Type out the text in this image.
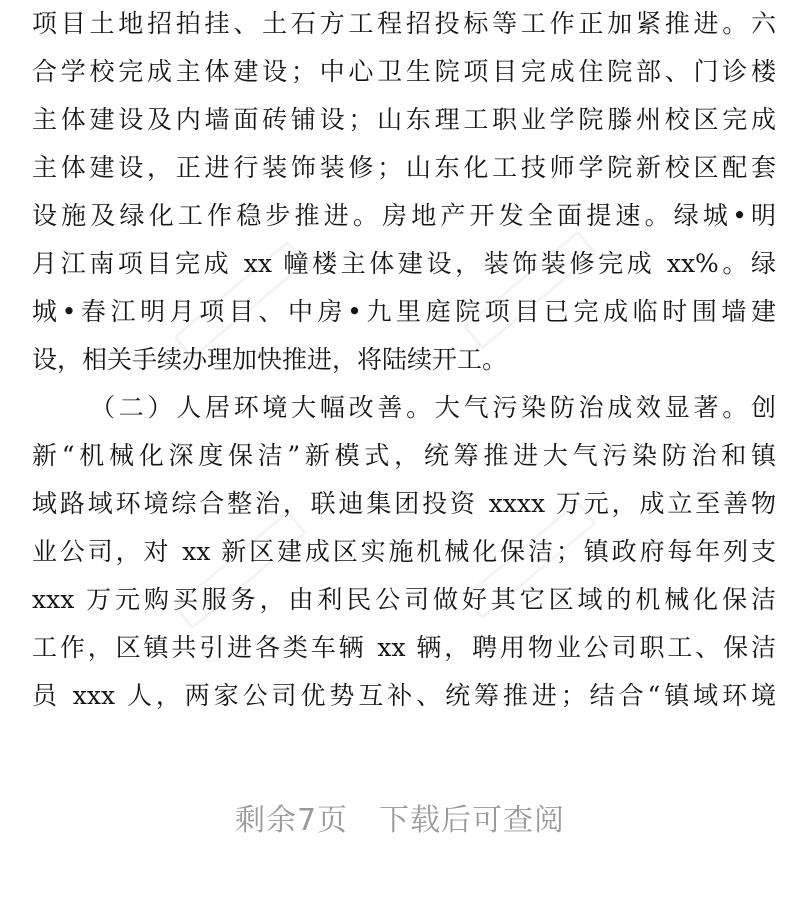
项目土地招拍挂、土石方工程招投标等工作正加紧推进。六
合学校完成主体建设；中心卫生院项目完成住院部、门诊楼
主体建设及内墙面砖铺设；山东理工职业学院滕州校区完成
主体建设，正进行装饰装修；山东化工技师学院新校区配套
设施及绿化工作稳步推进。房地产开发全面提速。绿城•明
月江南项目完成 xx 幢楼主体建设，装饰装修完成 xx%。绿
城•春江明月项目、中房•九里庭院项目已完成临时围墙建
设，相关手续办理加快推进，将陆续开工。
（二）人居环境大幅改善。大气污染防治成效显著。创
新“机械化深度保洁”新模式，统筹推进大气污染防治和镇
域路域环境综合整治，联迪集团投资 xxxx 万元，成立至善物
业公司，对 xx 新区建成区实施机械化保洁；镇政府每年列支
xxx 万元购买服务，由利民公司做好其它区域的机械化保洁
工作，区镇共引进各类车辆 xx 辆，聘用物业公司职工、保洁
员 xxx 人，两家公司优势互补、统筹推进；结合“镇域环境
剩余7页　下载后可查阅
